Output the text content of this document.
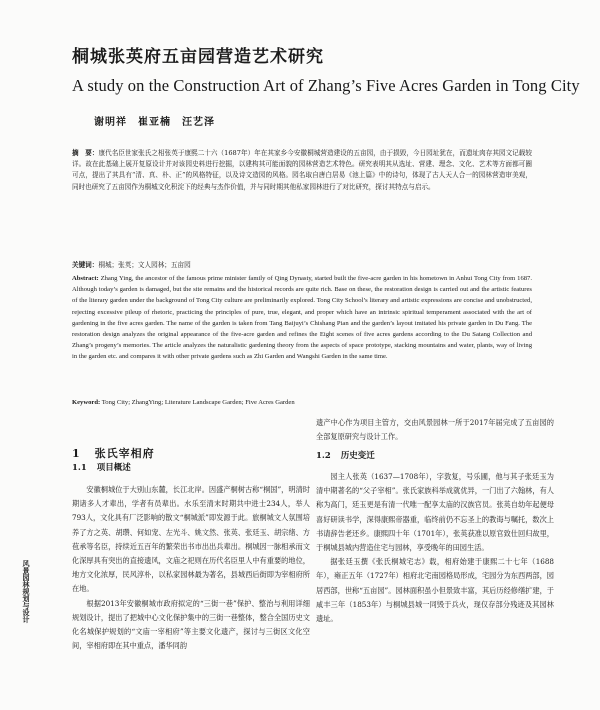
桐城张英府五亩园营造艺术研究
A study on the Construction Art of Zhang’s Five Acres Garden in Tong City
谢明祥　崔亚楠　汪艺泽
摘　要：康代名臣世家张氏之相张英于康熙二十六（1687年）年在其家乡今安徽桐城营造建设的五亩园，由于损毁，今日园址犹在，而遗址肉存其园文记载较详。故在此基础上展开复原设计并对该园史料进行挖掘，以建构其可能面貌的园林营造艺术特色。研究表明其从选址、营建、理念、文化、艺术等方面都可圈可点，提出了其具有“清、真、朴、正”的风格特征，以及诗文造园的风格。园名取自唐白居易《池上篇》中的诗句，体现了古人天人合一的园林营造审美观，同时也研究了五亩园作为桐城文化积淀下的经典与杰作价值，并与同时期其他私家园林进行了对比研究，探讨其特点与启示。
关键词：桐城；张英；文人园林；五亩园
Abstract: Zhang Ying, the ancestor of the famous prime minister family of Qing Dynasty, started built the five-acre garden in his hometown in Anhui Tong City from 1687. Although today’s garden is damaged, but the site remains and the historical records are quite rich. Base on these, the restoration design is carried out and the artistic features of the literary garden under the background of Tong City culture are preliminarily explored. Tong City School’s literary and artistic expressions are concise and unobstructed, rejecting excessive pileup of rhetoric, practicing the principles of pure, true, elegant, and proper which have an intrinsic spiritual temperament associated with the art of gardening in the five acres garden. The name of the garden is taken from Tang Baijuyi’s Chishang Pian and the garden’s layout imitated his private garden in Du Fang. The restoration design analyzes the original appearance of the five-acre garden and refines the Eight scenes of five acres gardens according to the Du Satang Collection and Zhang’s progeny’s memories. The article analyzes the naturalistic gardening theory from the aspects of space prototype, stacking mountains and water, plants, way of living in the garden etc. and compares it with other private gardens such as Zhi Garden and Wangshi Garden in the same time.
Keyword: Tong City; ZhangYing; Literature Landscape Garden; Five Acres Garden
1 张氏宰相府
1.1 项目概述

安徽桐城位于大别山东麓，长江北岸。因盛产桐树古称“桐国”，明清时期诸多人才辈出，学者有员辈出。水乐至清末时期共中进士234人，举人793人，文化具有厂泛影响的散文“桐城派”即发源于此。旅桐城文人氛围培养了方之英、胡瓒、何如宠、左光斗、姚文然、张英、张廷玉、胡宗绪、方苞承等名臣，持续近五百年的繁荣出书市出出兵辈出。桐城因一脉相承而文化深厚具有突出的直接遗风，文庙之祀则在历代名臣里人中有重要的地位，地方文化浓厚，民风淳朴，以私家园林最为著名，县城西后街即为宰相府所在地。

根据2013年安徽桐城市政府拟定的“三街一巷”保护、整治与利用详细规划设计，提出了把城中心文化保护集中的三街一巷整体，整合全国历史文化名城保护规划的“文庙一宰相府”等主要文化遗产，探讨与三街区文化空间，宰相府即在其中重点，潘华同韵

遗产中心作为项目主管方，交由风景园林一所于2017年届完成了五亩园的全部复原研究与设计工作。

1.2 历史变迁

园主人张英（1637—1708年），字敦复，号乐圃，他与其子张廷玉为清中期著名的“父子宰相”。张氏家族科举成就优异，一门出了六翰林，有人称为高门，廷玉更是有清一代唯一配享太庙的汉族官员。张英自幼年起便母喜好研读书学，深得康熙帝器重，临终前仍不忘圣上的教诲与嘱托，数次上书请辞告老还乡。康熙四十年（1701年），张英获准以原官致仕回归故里，于桐城县城内营造住宅与园林，享受晚年的田园生活。

据张廷玉撰《张氏桐城宅志》载，相府始建于康熙二十七年（1688年），雍正五年（1727年）相府北宅南园格局形成，宅园分为东西两部，园居西部，世称“五亩园”。园林面积虽小但景致丰富，其后历经修缮扩建，于咸丰三年（1853年）与桐城县城一同毁于兵火，现仅存部分残迹及其园林遗址。

风景园林规划与设计
